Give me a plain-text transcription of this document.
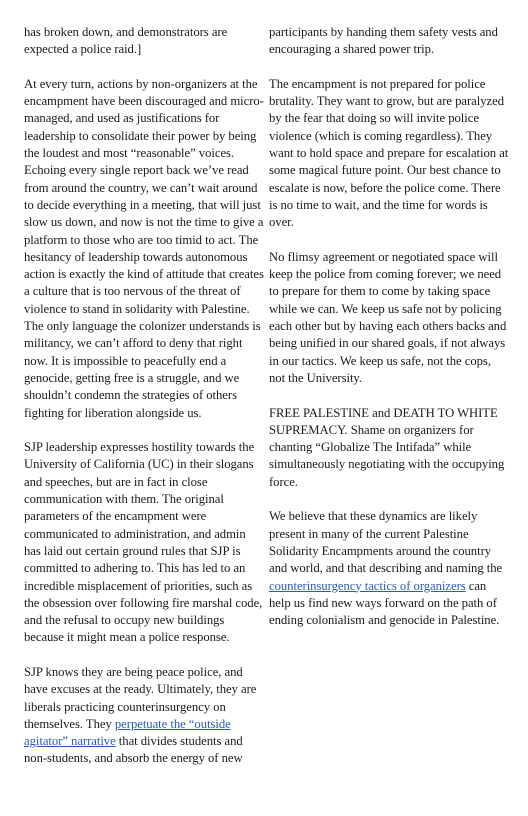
has broken down, and demonstrators are expected a police raid.]

At every turn, actions by non-organizers at the encampment have been discouraged and micro-managed, and used as justifications for leadership to consolidate their power by being the loudest and most “reasonable” voices. Echoing every single report back we’ve read from around the country, we can’t wait around to decide everything in a meeting, that will just slow us down, and now is not the time to give a platform to those who are too timid to act. The hesitancy of leadership towards autonomous action is exactly the kind of attitude that creates a culture that is too nervous of the threat of violence to stand in solidarity with Palestine. The only language the colonizer understands is militancy, we can’t afford to deny that right now. It is impossible to peacefully end a genocide, getting free is a struggle, and we shouldn’t condemn the strategies of others fighting for liberation alongside us.

SJP leadership expresses hostility towards the University of California (UC) in their slogans and speeches, but are in fact in close communication with them. The original parameters of the encampment were communicated to administration, and admin has laid out certain ground rules that SJP is committed to adhering to. This has led to an incredible misplacement of priorities, such as the obsession over following fire marshal code, and the refusal to occupy new buildings because it might mean a police response.

SJP knows they are being peace police, and have excuses at the ready. Ultimately, they are liberals practicing counterinsurgency on themselves. They perpetuate the “outside agitator” narrative that divides students and non-students, and absorb the energy of new

participants by handing them safety vests and encouraging a shared power trip.

The encampment is not prepared for police brutality. They want to grow, but are paralyzed by the fear that doing so will invite police violence (which is coming regardless). They want to hold space and prepare for escalation at some magical future point. Our best chance to escalate is now, before the police come. There is no time to wait, and the time for words is over.

No flimsy agreement or negotiated space will keep the police from coming forever; we need to prepare for them to come by taking space while we can. We keep us safe not by policing each other but by having each others backs and being unified in our shared goals, if not always in our tactics. We keep us safe, not the cops, not the University.

FREE PALESTINE and DEATH TO WHITE SUPREMACY. Shame on organizers for chanting “Globalize The Intifada” while simultaneously negotiating with the occupying force.

We believe that these dynamics are likely present in many of the current Palestine Solidarity Encampments around the country and world, and that describing and naming the counterinsurgency tactics of organizers can help us find new ways forward on the path of ending colonialism and genocide in Palestine.
